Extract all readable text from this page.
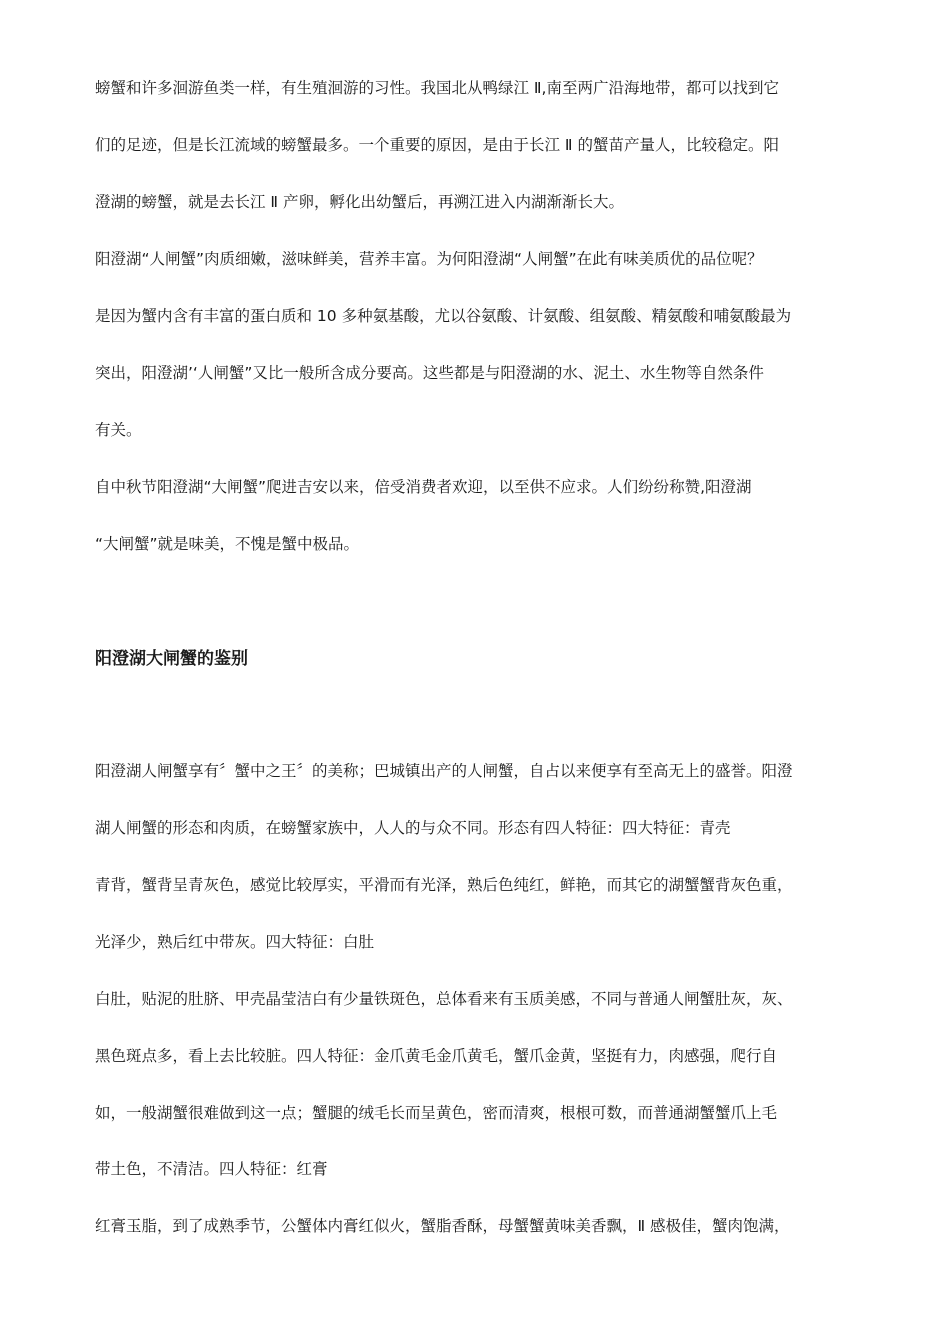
螃蟹和许多洄游鱼类一样，有生殖洄游的习性。我国北从鸭绿江 Ⅱ,南至两广沿海地带，都可以找到它
们的足迹，但是长江流域的螃蟹最多。一个重要的原因，是由于长江 Ⅱ 的蟹苗产量人，比较稳定。阳
澄湖的螃蟹，就是去长江 Ⅱ 产卵，孵化出幼蟹后，再溯江进入内湖渐渐长大。
阳澄湖“人闸蟹”肉质细嫩，滋味鲜美，营养丰富。为何阳澄湖“人闸蟹”在此有味美质优的品位呢？
是因为蟹内含有丰富的蛋白质和 10 多种氨基酸，尤以谷氨酸、计氨酸、组氨酸、精氨酸和哺氨酸最为
突出，阳澄湖’‘人闸蟹”又比一般所含成分要高。这些都是与阳澄湖的水、泥土、水生物等自然条件
有关。
自中秋节阳澄湖“大闸蟹”爬进吉安以来，倍受消费者欢迎，以至供不应求。人们纷纷称赞,阳澄湖
“大闸蟹”就是味美，不愧是蟹中极品。
阳澄湖大闸蟹的鉴别
阳澄湖人闸蟹享有〞蟹中之王〞的美称；巴城镇出产的人闸蟹，自占以来便享有至高无上的盛誉。阳澄
湖人闸蟹的形态和肉质，在螃蟹家族中，人人的与众不同。形态有四人特征：四大特征：青壳
青背，蟹背呈青灰色，感觉比较厚实，平滑而有光泽，熟后色纯红，鲜艳，而其它的湖蟹蟹背灰色重，
光泽少，熟后红中带灰。四大特征：白肚
白肚，贴泥的肚脐、甲壳晶莹洁白有少量铁斑色，总体看来有玉质美感，不同与普通人闸蟹肚灰，灰、
黑色斑点多，看上去比较脏。四人特征：金爪黄毛金爪黄毛，蟹爪金黄，坚挺有力，肉感强，爬行自
如，一般湖蟹很难做到这一点；蟹腿的绒毛长而呈黄色，密而清爽，根根可数，而普通湖蟹蟹爪上毛
带土色，不清洁。四人特征：红膏
红膏玉脂，到了成熟季节，公蟹体内膏红似火，蟹脂香酥，母蟹蟹黄味美香飘，Ⅱ 感极佳，蟹肉饱满，
